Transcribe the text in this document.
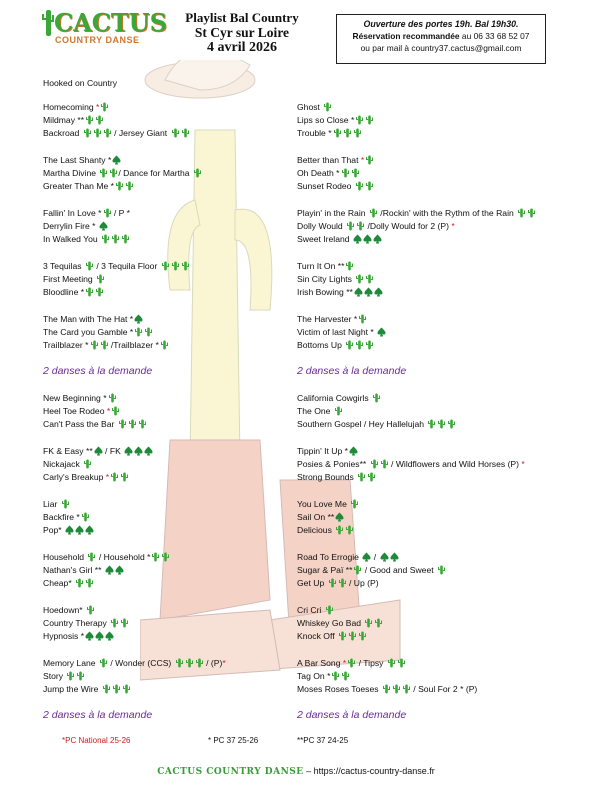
CACTUS
COUNTRY DANSE
Playlist Bal Country
St Cyr sur Loire
4 avril 2026
Ouverture des portes 19h. Bal 19h30.
Réservation recommandée au 06 33 68 52 07
ou par mail à country37.cactus@gmail.com
Hooked on Country
Homecoming *
Mildmay **
Backroad	/ Jersey Giant
The Last Shanty *
Martha Divine
/ Dance for Martha
Greater Than Me *
Fallin' In Love *
/ P *
Derrylin Fire *
In Walked You
3 Tequilas
/ 3 Tequila Floor
First Meeting
Bloodline *
The Man with The Hat *
The Card you Gamble *
Trailblazer *
/Trailblazer *
2 danses à la demande
New Beginning *
Heel Toe Rodeo *
Can't Pass the Bar
FK & Easy **
/ FK
Nickajack
Carly's Breakup *
Liar
Backfire *
Pop*
Household
/ Household *
Nathan's Girl **
Cheap*
Hoedown*
Country Therapy
Hypnosis *
Memory Lane
/ Wonder (CCS)	/ (P)*
Story
Jump the Wire
2 danses à la demande
Ghost
Lips so Close *
Trouble *
Better than That *
Oh Death *
Sunset Rodeo
Playin' in the Rain
/Rockin' with the Rythm of the Rain
Dolly Would
/Dolly Would for 2 (P) *
Sweet Ireland
Turn It On **
Sin City Lights
Irish Bowing **
The Harvester *
Victim of last Night *
Bottoms Up
2 danses à la demande
California Cowgirls
The One
Southern Gospel / Hey Hallelujah
Tippin' It Up *
Posies & Ponies**
/ Wildflowers and Wild Horses (P) *
Strong Bounds
You Love Me
Sail On **
Delicious
Road To Errogie
/
Sugar & Paï **
/ Good and Sweet
Get Up
/ Up (P)
Cri Cri
Whiskey Go Bad
Knock Off
A Bar Song *
/ Tipsy
Tag On *
Moses Roses Toeses	/ Soul For 2 * (P)
2 danses à la demande
*PC National 25-26	* PC 37 25-26	**PC 37 24-25
CACTUS COUNTRY DANSE – https://cactus-country-danse.fr
